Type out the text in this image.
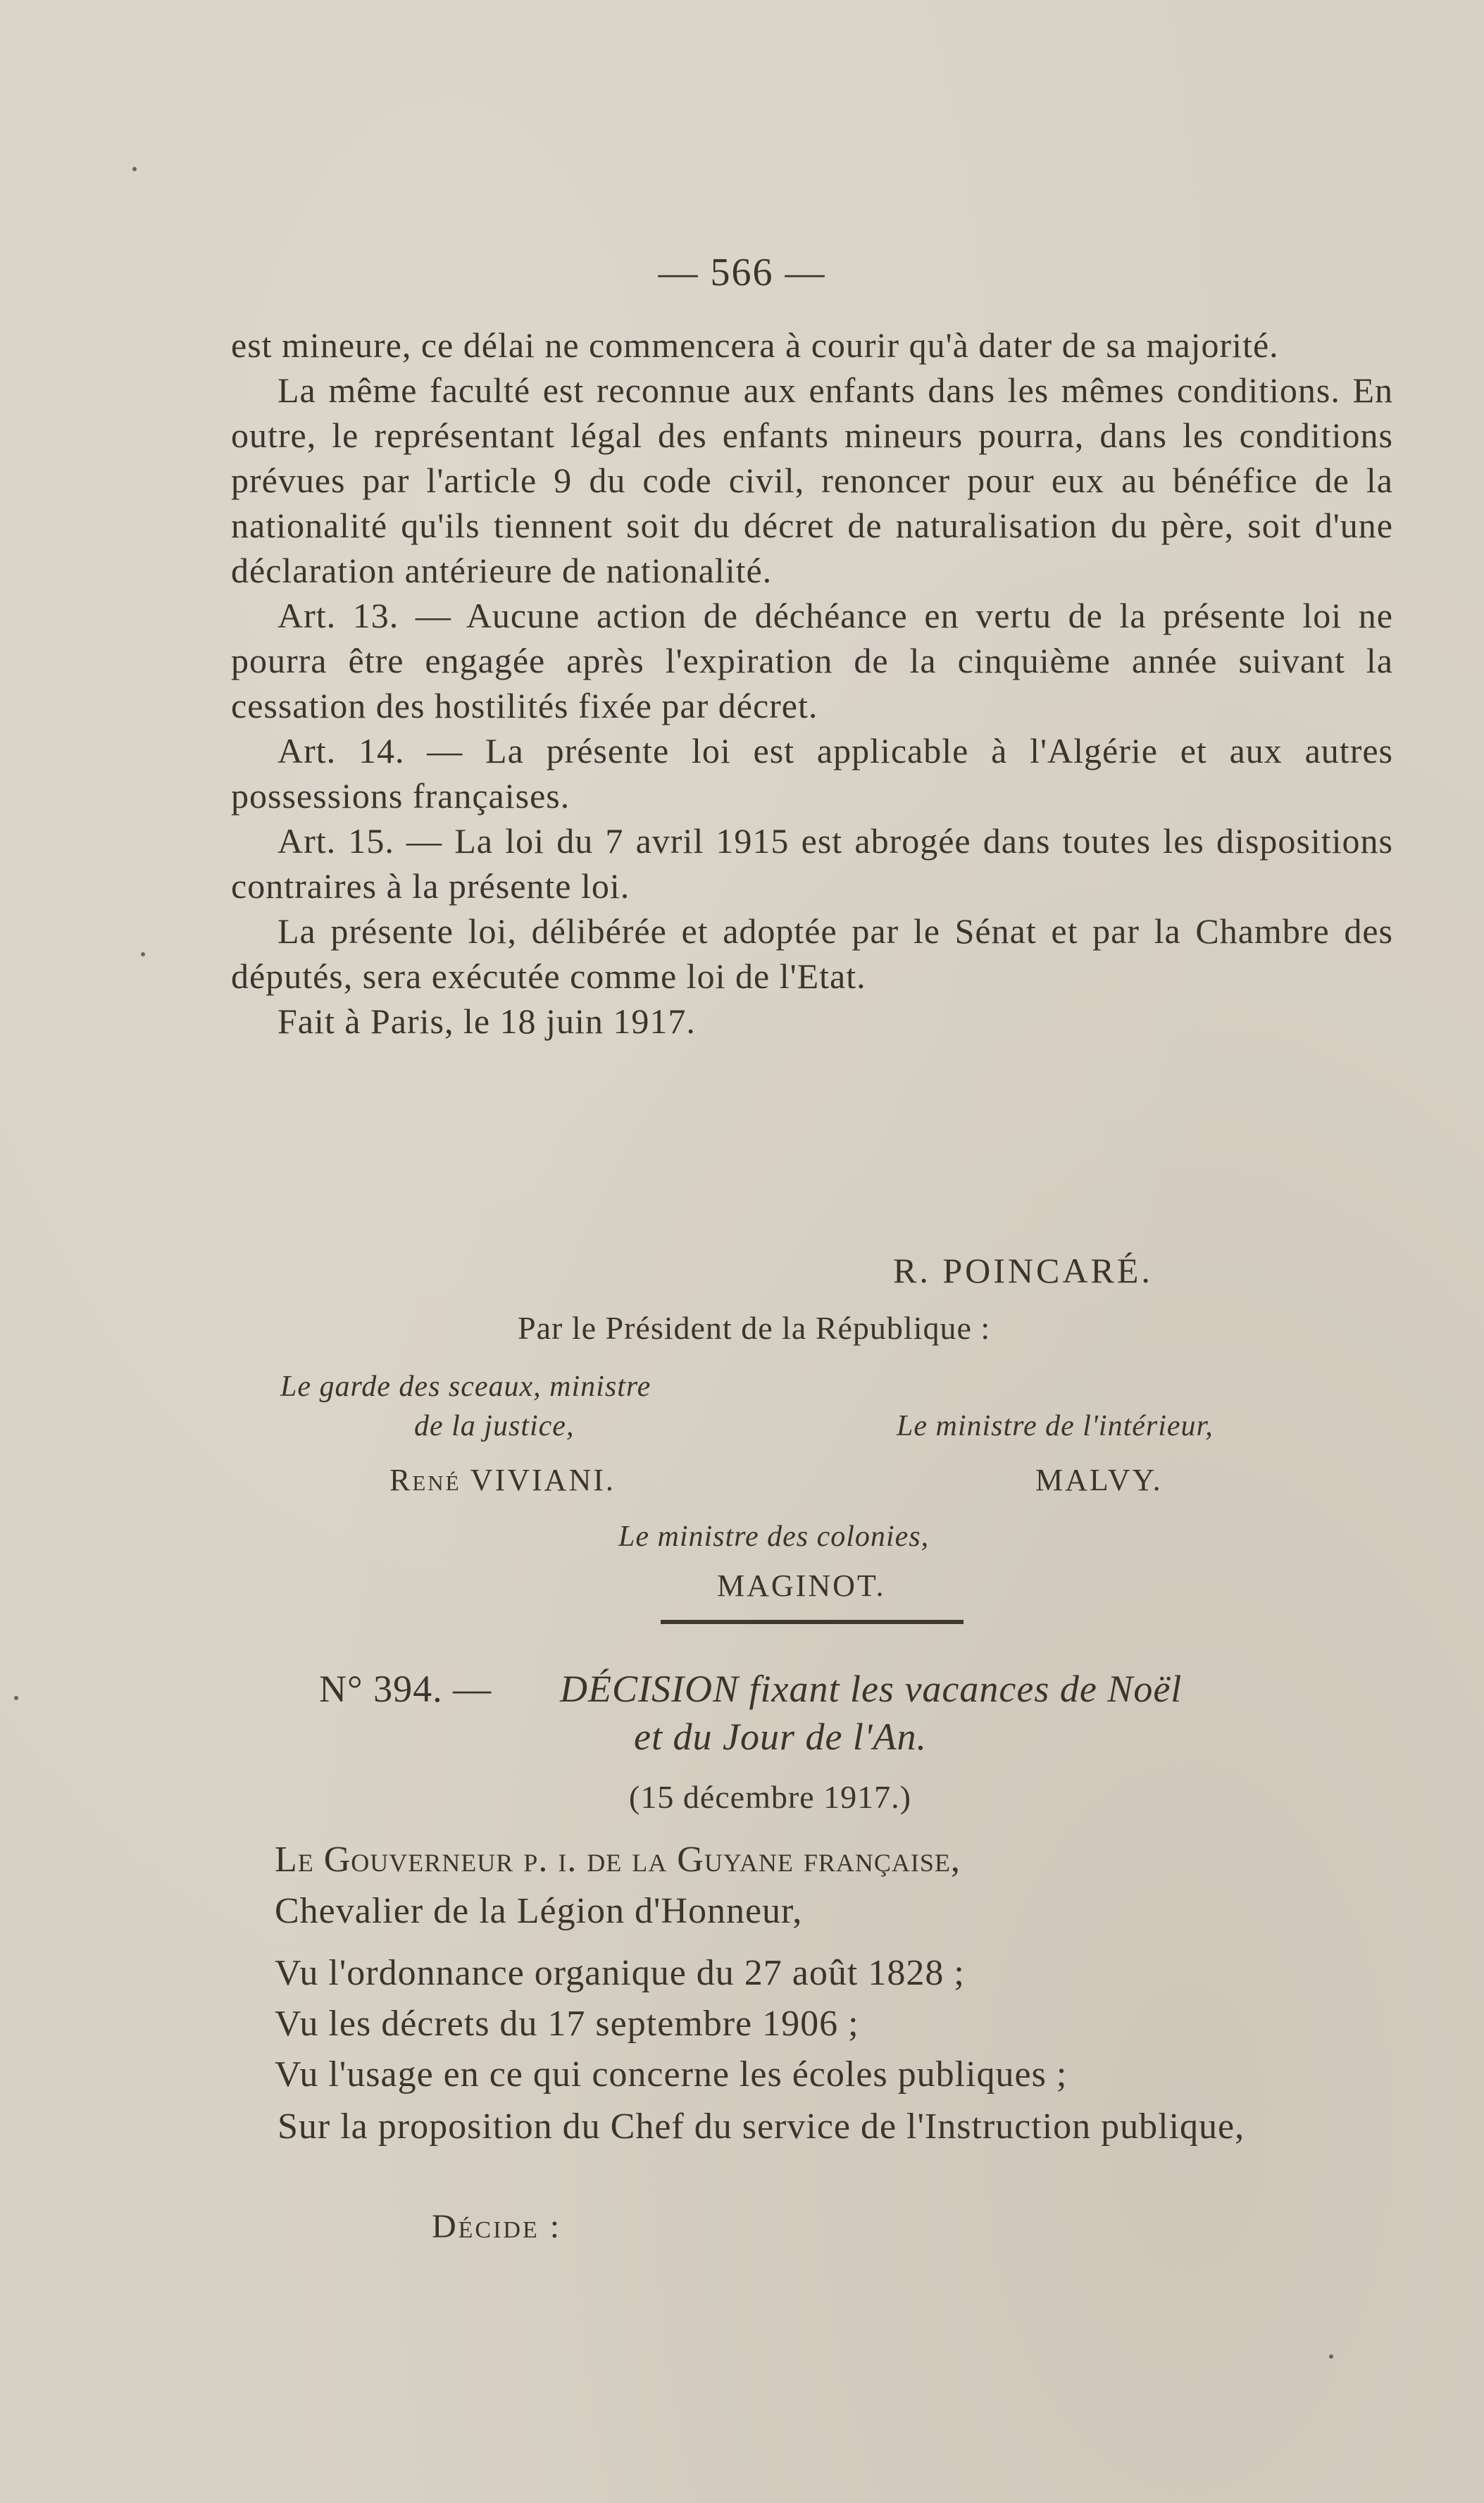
— 566 —

est mineure, ce délai ne commencera à courir qu'à dater de sa majorité.

La même faculté est reconnue aux enfants dans les mêmes conditions. En outre, le représentant légal des enfants mineurs pourra, dans les conditions prévues par l'article 9 du code civil, renoncer pour eux au bénéfice de la nationalité qu'ils tiennent soit du décret de naturalisation du père, soit d'une déclaration antérieure de nationalité.

Art. 13. — Aucune action de déchéance en vertu de la présente loi ne pourra être engagée après l'expiration de la cinquième année suivant la cessation des hostilités fixée par décret.

Art. 14. — La présente loi est applicable à l'Algérie et aux autres possessions françaises.

Art. 15. — La loi du 7 avril 1915 est abrogée dans toutes les dispositions contraires à la présente loi.

La présente loi, délibérée et adoptée par le Sénat et par la Chambre des députés, sera exécutée comme loi de l'Etat.

Fait à Paris, le 18 juin 1917.

R. POINCARÉ.
Par le Président de la République :
Le garde des sceaux, ministre
de la justice,
René VIVIANI.
Le ministre de l'intérieur,
MALVY.
Le ministre des colonies,
MAGINOT.
N° 394. — DÉCISION fixant les vacances de Noël
et du Jour de l'An.
(15 décembre 1917.)
Le Gouverneur p. i. de la Guyane française,
Chevalier de la Légion d'Honneur,
Vu l'ordonnance organique du 27 août 1828 ;
Vu les décrets du 17 septembre 1906 ;
Vu l'usage en ce qui concerne les écoles publiques ;

Sur la proposition du Chef du service de l'Instruction publique,

Décide :
